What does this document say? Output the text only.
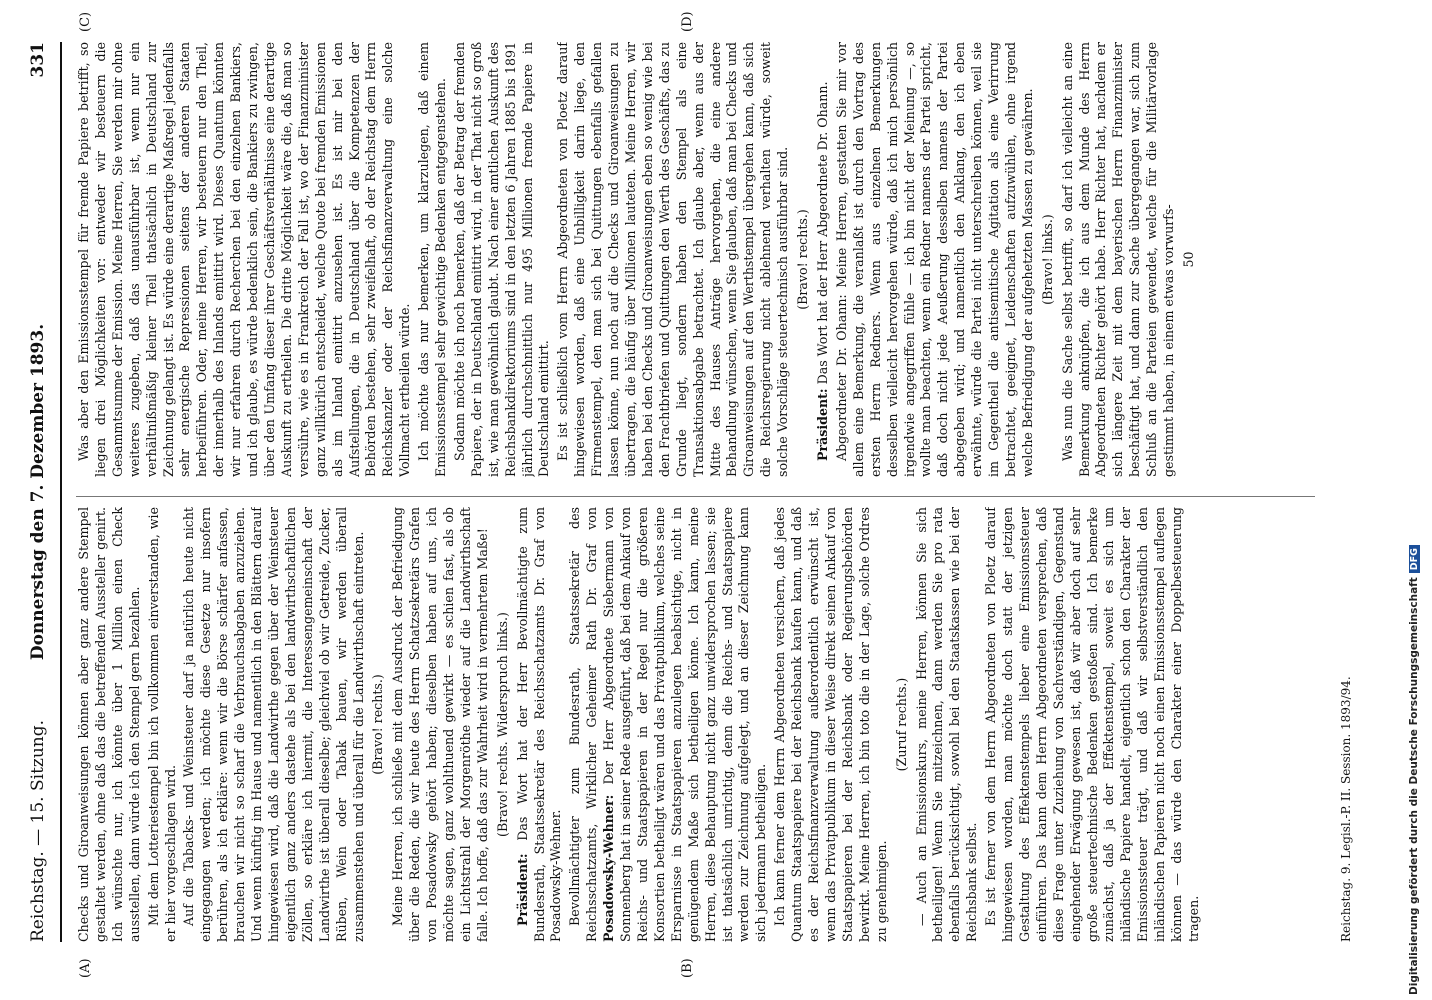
Reichstag. — 15. Sitzung.
Donnerstag den 7. Dezember 1893.
331
(A)	(B)
(C)	(D)

Checks und Giroanweisungen können aber ganz andere Stempel gestaltet werden, ohne daß das die betreffenden Aussteller genirt. Ich wünschte nur, ich könnte über 1 Million einen Check ausstellen, dann würde ich den Stempel gern bezahlen. Mit dem Lotteriestempel bin ich vollkommen einverstanden, wie er hier vorgeschlagen wird. Auf die Tabacks- und Weinsteuer darf ja natürlich heute nicht eingegangen werden; ich möchte diese Gesetze nur insofern berühren, als ich erkläre: wenn wir die Börse schärfer anfassen, brauchen wir nicht so scharf die Verbrauchsabgaben anzuziehen. Und wenn künftig im Hause und namentlich in den Blättern darauf hingewiesen wird, daß die Landwirthe gegen über der Weinsteuer eigentlich ganz anders dastehe als bei den landwirthschaftlichen Zöllen, so erkläre ich hiermit, die Interessengemeinschaft der Landwirthe ist überall dieselbe; gleichviel ob wir Getreide, Zucker, Rüben, Wein oder Tabak bauen, wir werden überall zusammenstehen und überall für die Landwirthschaft eintreten. (Bravo! rechts.) Meine Herren, ich schließe mit dem Ausdruck der Befriedigung über die Reden, die wir heute des Herrn Schatzsekretärs Grafen von Posadowsky gehört haben; dieselben haben auf uns, ich möchte sagen, ganz wohlthuend gewirkt — es schien fast, als ob ein Lichtstrahl der Morgenröthe wieder auf die Landwirthschaft falle. Ich hoffe, daß das zur Wahrheit wird in vermehrtem Maße! (Bravo! rechts. Widerspruch links.)

Präsident: Das Wort hat der Herr Bevollmächtigte zum Bundesrath, Staatssekretär des Reichsschatzamts Dr. Graf von Posadowsky-Wehner. Bevollmächtigter zum Bundesrath, Staatssekretär des Reichsschatzamts, Wirklicher Geheimer Rath Dr. Graf von Posadowsky-Wehner: Der Herr Abgeordnete Siebermann von Sonnenberg hat in seiner Rede ausgeführt, daß bei dem Ankauf von Reichs- und Staatspapieren in der Regel nur die größeren Konsortien betheiligt wären und das Privatpublikum, welches seine Ersparnisse in Staatspapieren anzulegen beabsichtige, nicht in genügendem Maße sich betheiligen könne. Ich kann, meine Herren, diese Behauptung nicht ganz unwidersprochen lassen; sie ist thatsächlich unrichtig, denn die Reichs- und Staatspapiere werden zur Zeichnung aufgelegt, und an dieser Zeichnung kann sich jedermann betheiligen. Ich kann ferner dem Herrn Abgeordneten versichern, daß jedes Quantum Staatspapiere bei der Reichsbank kaufen kann, und daß es der Reichsfinanzverwaltung außerordentlich erwünscht ist, wenn das Privatpublikum in dieser Weise direkt seinen Ankauf von Staatspapieren bei der Reichsbank oder Regierungsbehörden bewirkt. Meine Herren, ich bin toto die in der Lage, solche Ordres zu genehmigen.

(Zuruf rechts.) — Auch an Emissionskurs, meine Herren, können Sie sich betheiligen! Wenn Sie mitzeichnen, dann werden Sie pro rata ebenfalls berücksichtigt, sowohl bei den Staatskassen wie bei der Reichsbank selbst. Es ist ferner von dem Herrn Abgeordneten von Ploetz darauf hingewiesen worden, man möchte doch statt der jetzigen Gestaltung des Effektenstempels lieber eine Emissionssteuer einführen. Das kann dem Herrn Abgeordneten versprechen, daß diese Frage unter Zuziehung von Sachverständigen, Gegenstand eingehender Erwägung gewesen ist, daß wir aber doch auf sehr große steuertechnische Bedenken gestoßen sind. Ich bemerke zunächst, daß ja der Effektenstempel, soweit es sich um inländische Papiere handelt, eigentlich schon den Charakter der Emissionssteuer trägt, und daß wir selbstverständlich den inländischen Papieren nicht noch einen Emissionsstempel auflegen können — das würde den Charakter einer Doppelbesteuerung tragen.

Was aber den Emissionsstempel für fremde Papiere betrifft, so liegen drei Möglichkeiten vor: entweder wir besteuern die Gesammtsumme der Emission. Meine Herren, Sie werden mir ohne weiteres zugeben, daß das unausführbar ist, wenn nur ein verhältnißmäßig kleiner Theil thatsächlich in Deutschland zur Zeichnung gelangt ist. Es würde eine derartige Maßregel jedenfalls sehr energische Repressionen seitens der anderen Staaten herbeiführen. Oder, meine Herren, wir besteuern nur den Theil, der innerhalb des Inlands emittirt wird. Dieses Quantum könnten wir nur erfahren durch Recherchen bei den einzelnen Bankiers, und ich glaube, es würde bedenklich sein, die Bankiers zu zwingen, über den Umfang dieser ihrer Geschäftsverhältnisse eine derartige Auskunft zu ertheilen. Die dritte Möglichkeit wäre die, daß man so versühre, wie es in Frankreich der Fall ist, wo der Finanzminister ganz willkürlich entscheidet, welche Quote bei fremden Emissionen als im Inland emittirt anzusehen ist. Es ist mir bei den Aufstellungen, die in Deutschland über die Kompetenzen der Behörden bestehen, sehr zweifelhaft, ob der Reichstag dem Herrn Reichskanzler oder der Reichsfinanzverwaltung eine solche Vollmacht ertheilen würde. Ich möchte das nur bemerken, um klarzulegen, daß einem Emissionsstempel sehr gewichtige Bedenken entgegenstehen. Sodann möchte ich noch bemerken, daß der Betrag der fremden Papiere, der in Deutschland emittirt wird, in der That nicht so groß ist, wie man gewöhnlich glaubt. Nach einer amtlichen Auskunft des Reichsbankdirektoriums sind in den letzten 6 Jahren 1885 bis 1891 jährlich durchschnittlich nur 495 Millionen fremde Papiere in Deutschland emittirt. Es ist schließlich vom Herrn Abgeordneten von Ploetz darauf hingewiesen worden, daß eine Unbilligkeit darin liege, den Firmenstempel, den man sich bei Quittungen ebenfalls gefallen lassen könne, nun noch auf die Checks und Giroanweisungen zu übertragen, die häufig über Millionen lauteten. Meine Herren, wir haben bei den Checks und Giroanweisungen eben so wenig wie bei den Frachtbriefen und Quittungen den Werth des Geschäfts, das zu Grunde liegt, sondern haben den Stempel als eine Transaktionsabgabe betrachtet. Ich glaube aber, wenn aus der Mitte des Hauses Anträge hervorgehen, die eine andere Behandlung wünschen, wenn Sie glauben, daß man bei Checks und Giroanweisungen auf den Werthstempel übergehen kann, daß sich die Reichsregierung nicht ablehnend verhalten würde, soweit solche Vorschläge steuertechnisch ausführbar sind. (Bravo! rechts.)

Präsident: Das Wort hat der Herr Abgeordnete Dr. Ohann. Abgeordneter Dr. Ohann: Meine Herren, gestatten Sie mir vor allem eine Bemerkung, die veranlaßt ist durch den Vortrag des ersten Herrn Redners. Wenn aus einzelnen Bemerkungen desselben vielleicht hervorgehen würde, daß ich mich persönlich irgendwie angegriffen fühle — ich bin nicht der Meinung —, so wollte man beachten, wenn ein Redner namens der Partei spricht, daß doch nicht jede Aeußerung desselben namens der Partei abgegeben wird; und namentlich den Anklang, den ich eben erwähnte, würde die Partei nicht unterschreiben können, weil sie im Gegentheil die antisemitische Agitation als eine Verirrung betrachtet, geeignet, Leidenschaften aufzuwühlen, ohne irgend welche Befriedigung der aufgehetzten Massen zu gewähren. (Bravo! links.) Was nun die Sache selbst betrifft, so darf ich vielleicht an eine Bemerkung anknüpfen, die ich aus dem Munde des Herrn Abgeordneten Richter gehört habe. Herr Richter hat, nachdem er sich längere Zeit mit dem bayerischen Herrn Finanzminister beschäftigt hat, und dann zur Sache übergegangen war, sich zum Schluß an die Parteien gewendet, welche für die Militärvorlage gestimmt haben, in einem etwas vorwurfs- 50

Reichstag. 9. Legisl.-P. II. Session. 1893/94.	Digitalisierung gefördert durch die Deutsche ForschungsgemeinschaftDFG
